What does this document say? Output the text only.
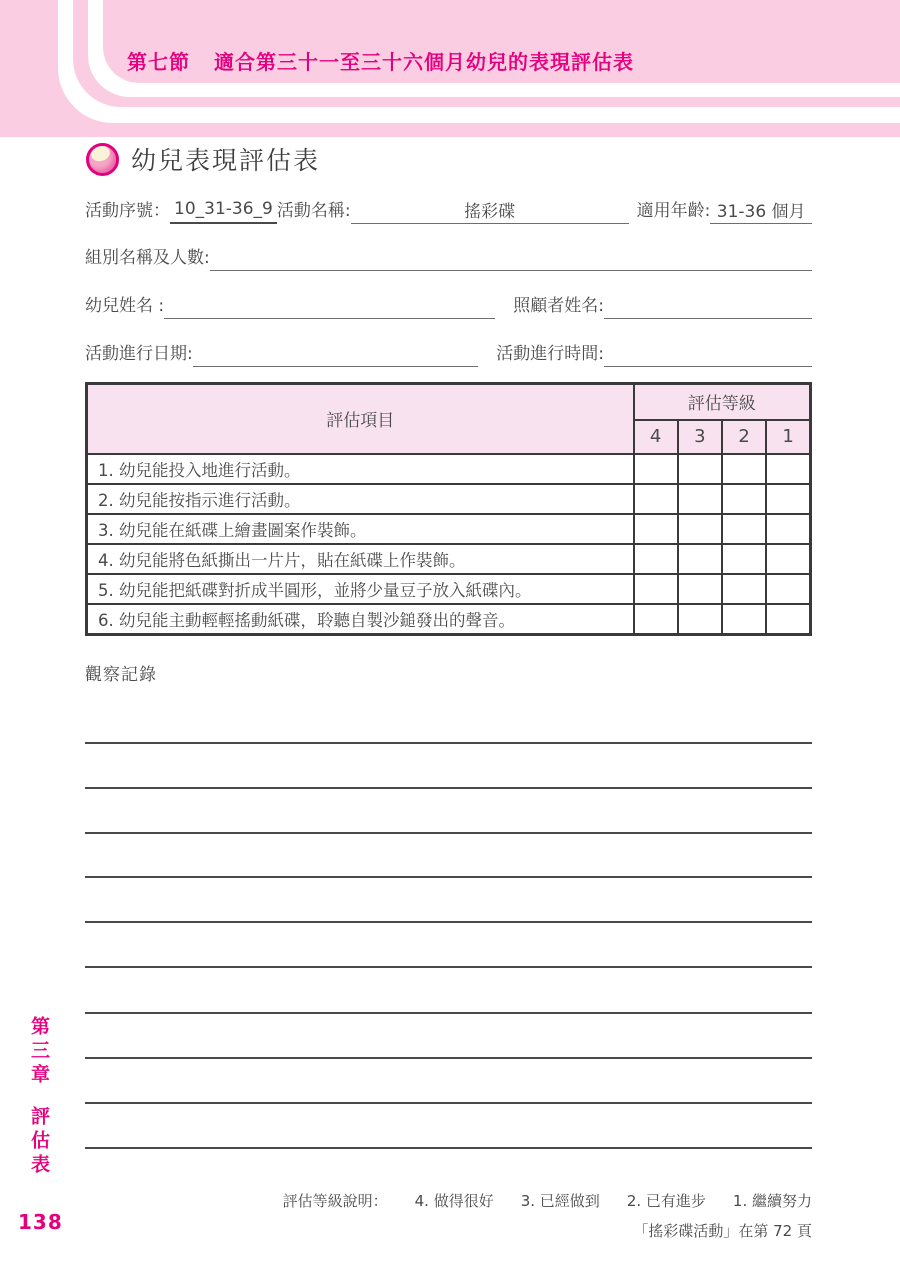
第七節 適合第三十一至三十六個月幼兒的表現評估表
幼兒表現評估表
活動序號： 10_31-36_9 活動名稱:	搖彩碟	適用年齡: 31-36 個月
組別名稱及人數:
幼兒姓名 :	照顧者姓名:
活動進行日期:	活動進行時間:
評估項目	評估等級			
	4	3	2	1
1. 幼兒能投入地進行活動。				
2. 幼兒能按指示進行活動。				
3. 幼兒能在紙碟上繪畫圖案作裝飾。				
4. 幼兒能將色紙撕出一片片，貼在紙碟上作裝飾。				
5. 幼兒能把紙碟對折成半圓形，並將少量豆子放入紙碟內。				
6. 幼兒能主動輕輕搖動紙碟，聆聽自製沙鎚發出的聲音。				
觀察記錄
評估等級說明： 4. 做得很好 3. 已經做到 2. 已有進步 1. 繼續努力
「搖彩碟活動」在第 72 頁
第三章評估表
138
